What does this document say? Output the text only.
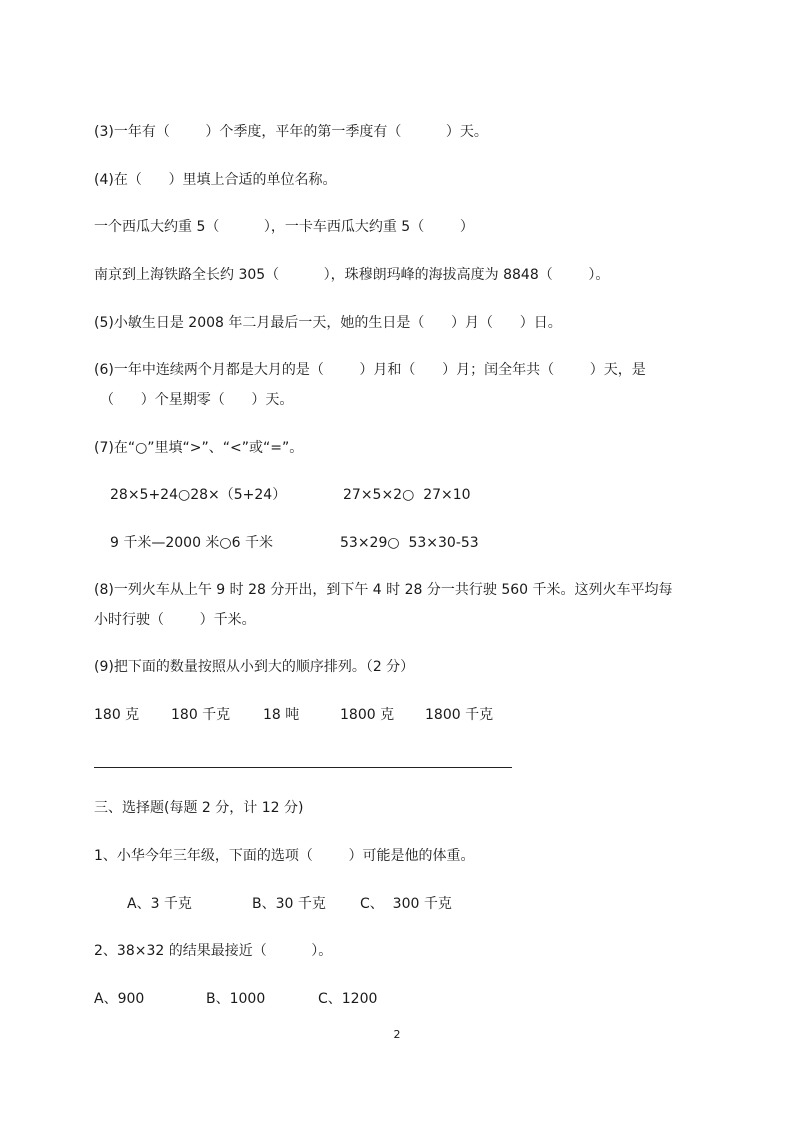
(3)一年有（        ）个季度，平年的第一季度有（          ）天。
(4)在（      ）里填上合适的单位名称。
一个西瓜大约重 5（          ），一卡车西瓜大约重 5（        ）
南京到上海铁路全长约 305（          ），珠穆朗玛峰的海拔高度为 8848（        ）。
(5)小敏生日是 2008 年二月最后一天，她的生日是（      ）月（      ）日。
(6)一年中连续两个月都是大月的是（        ）月和（      ）月；闰全年共（        ）天，是
（      ）个星期零（      ）天。
(7)在“○”里填“>”、“<”或“=”。
28×5+24○28×（5+24）	27×5×2○  27×10
9 千米—2000 米○6 千米	53×29○  53×30-53
(8)一列火车从上午 9 时 28 分开出，到下午 4 时 28 分一共行驶 560 千米。这列火车平均每
小时行驶（        ）千米。
(9)把下面的数量按照从小到大的顺序排列。（2 分）
180 克 180 千克 18 吨	1800 克 1800 千克
三、选择题(每题 2 分，计 12 分)
1、小华今年三年级，下面的选项（        ）可能是他的体重。
A、3 千克	B、30 千克 C、  300 千克
2、38×32 的结果最接近（          ）。
A、900	B、1000	C、1200
2
